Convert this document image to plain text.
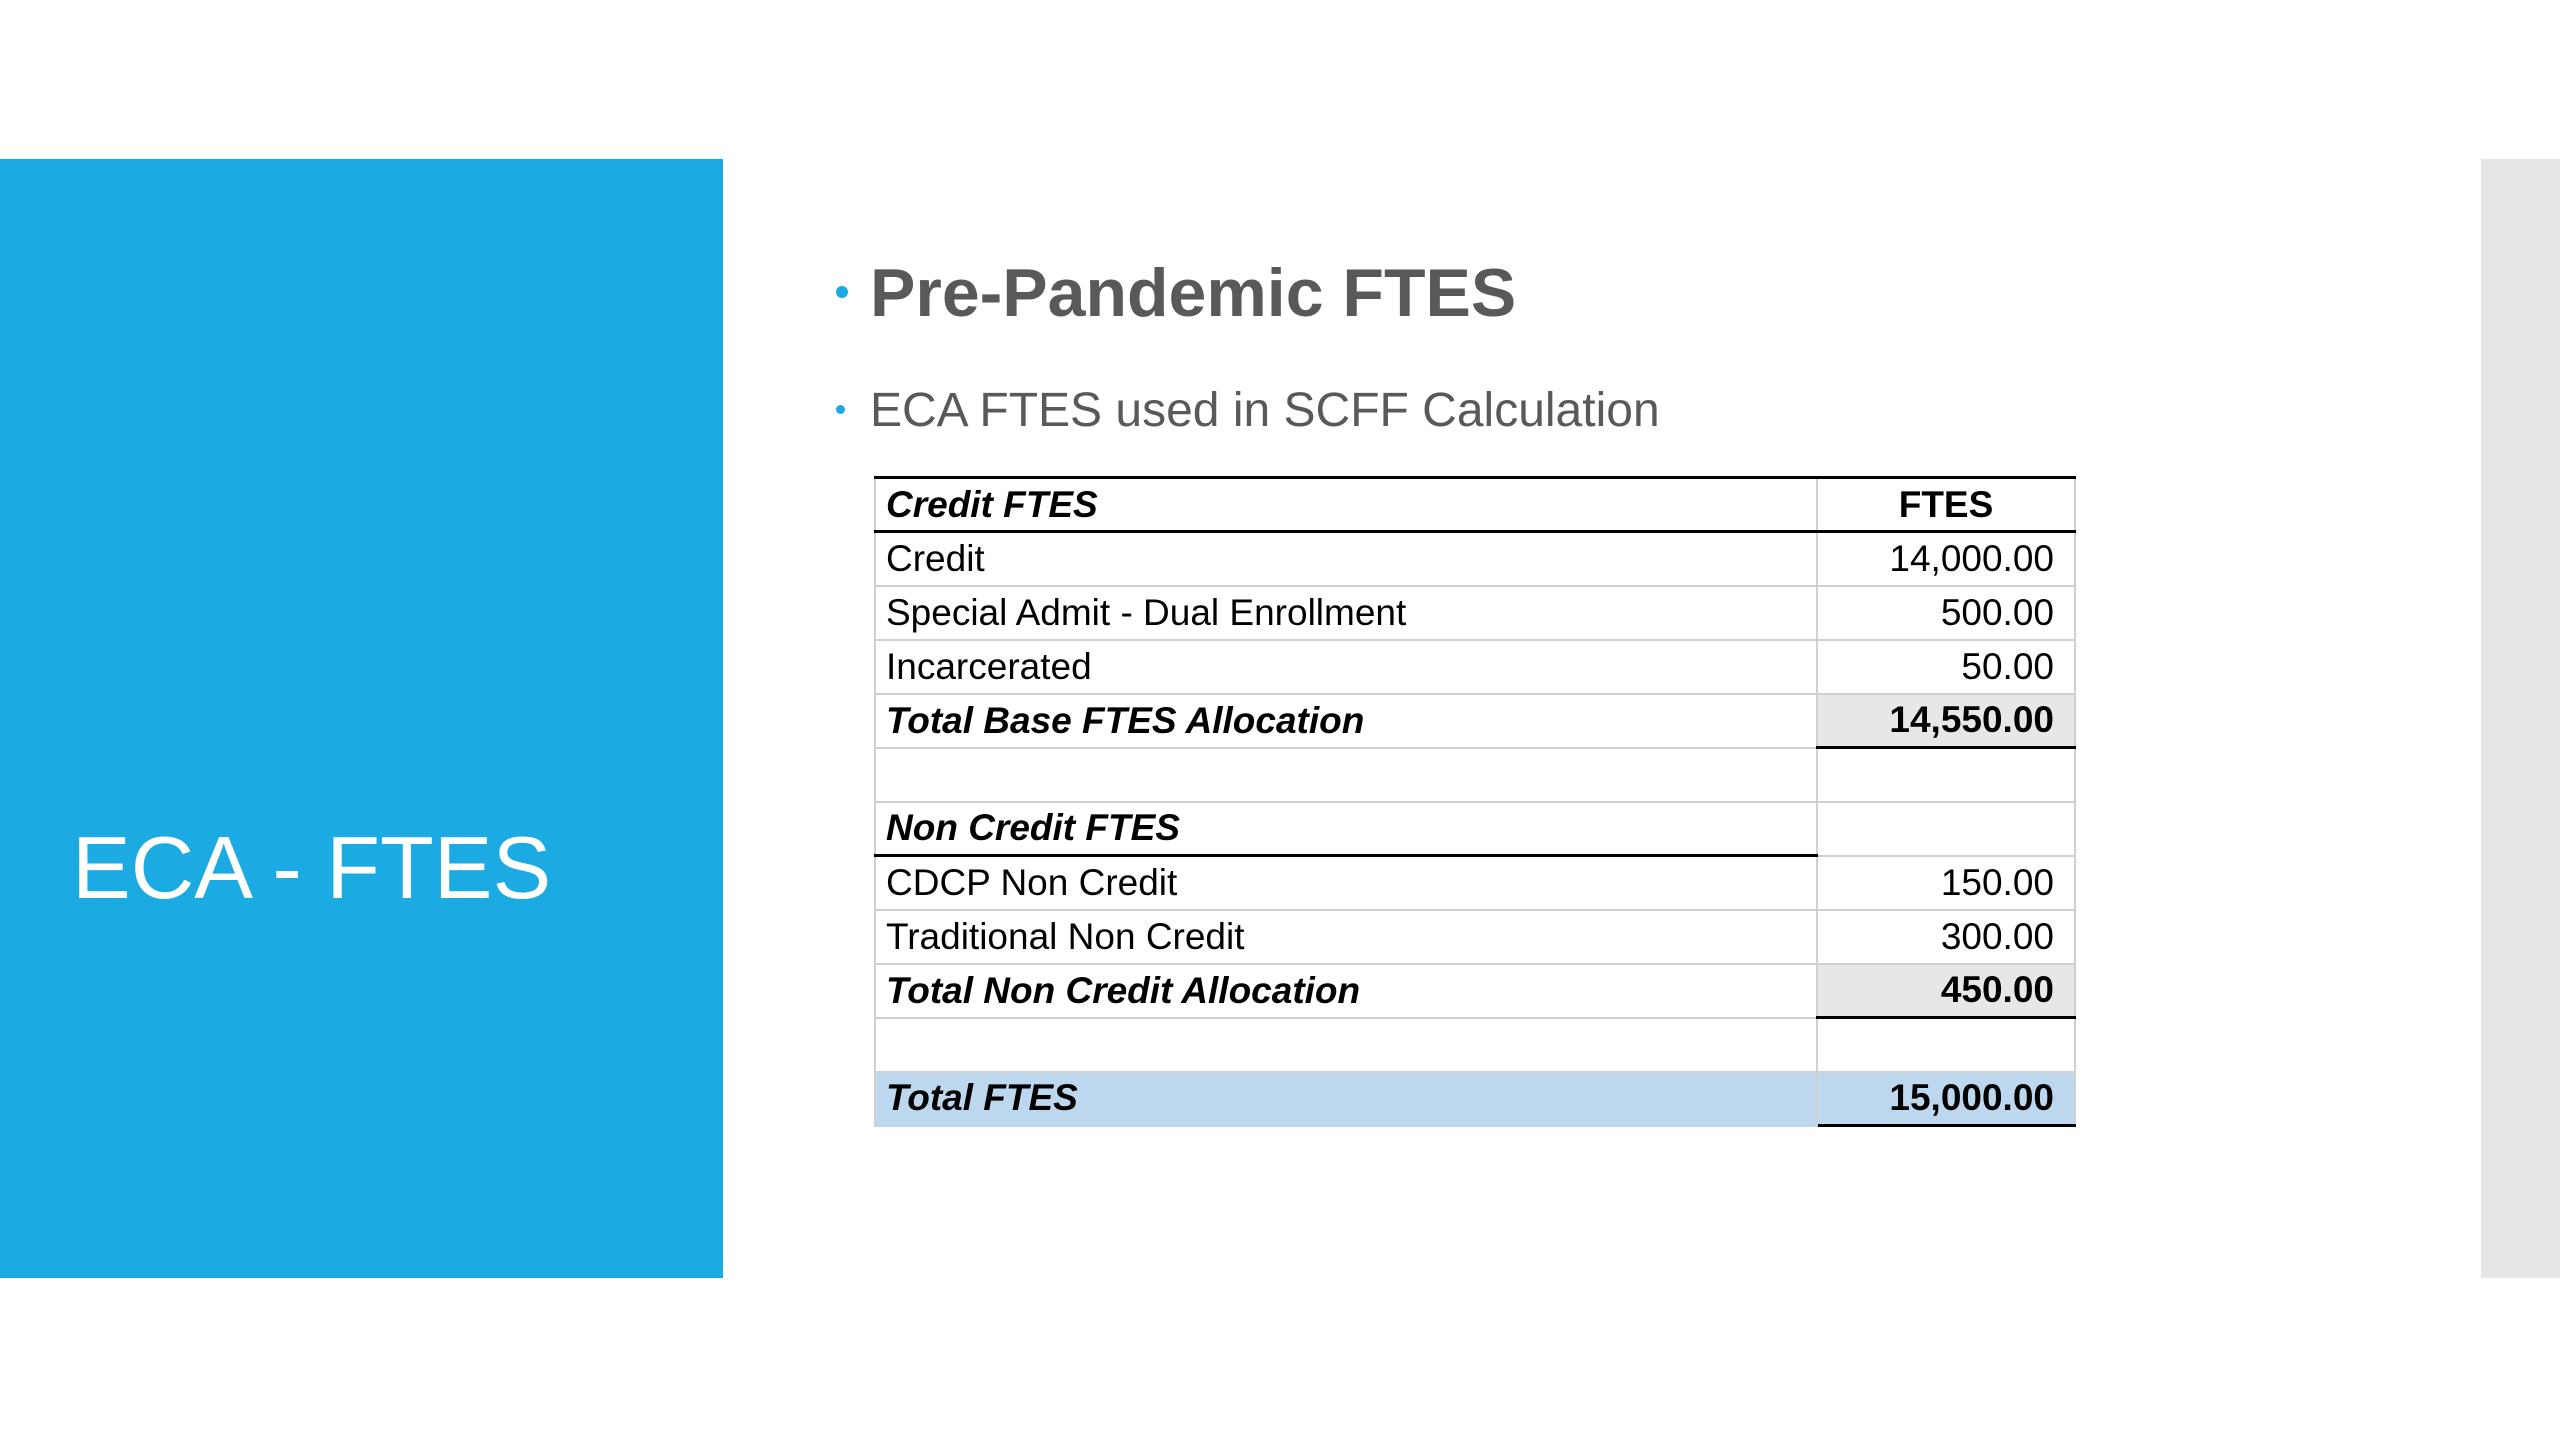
ECA - FTES
Pre-Pandemic FTES
ECA FTES used in SCFF Calculation
Credit FTES	FTES
Credit	14,000.00
Special Admit - Dual Enrollment	500.00
Incarcerated	50.00
Total Base FTES Allocation	14,550.00

Non Credit FTES	
CDCP Non Credit	150.00
Traditional Non Credit	300.00
Total Non Credit Allocation	450.00

Total FTES	15,000.00
